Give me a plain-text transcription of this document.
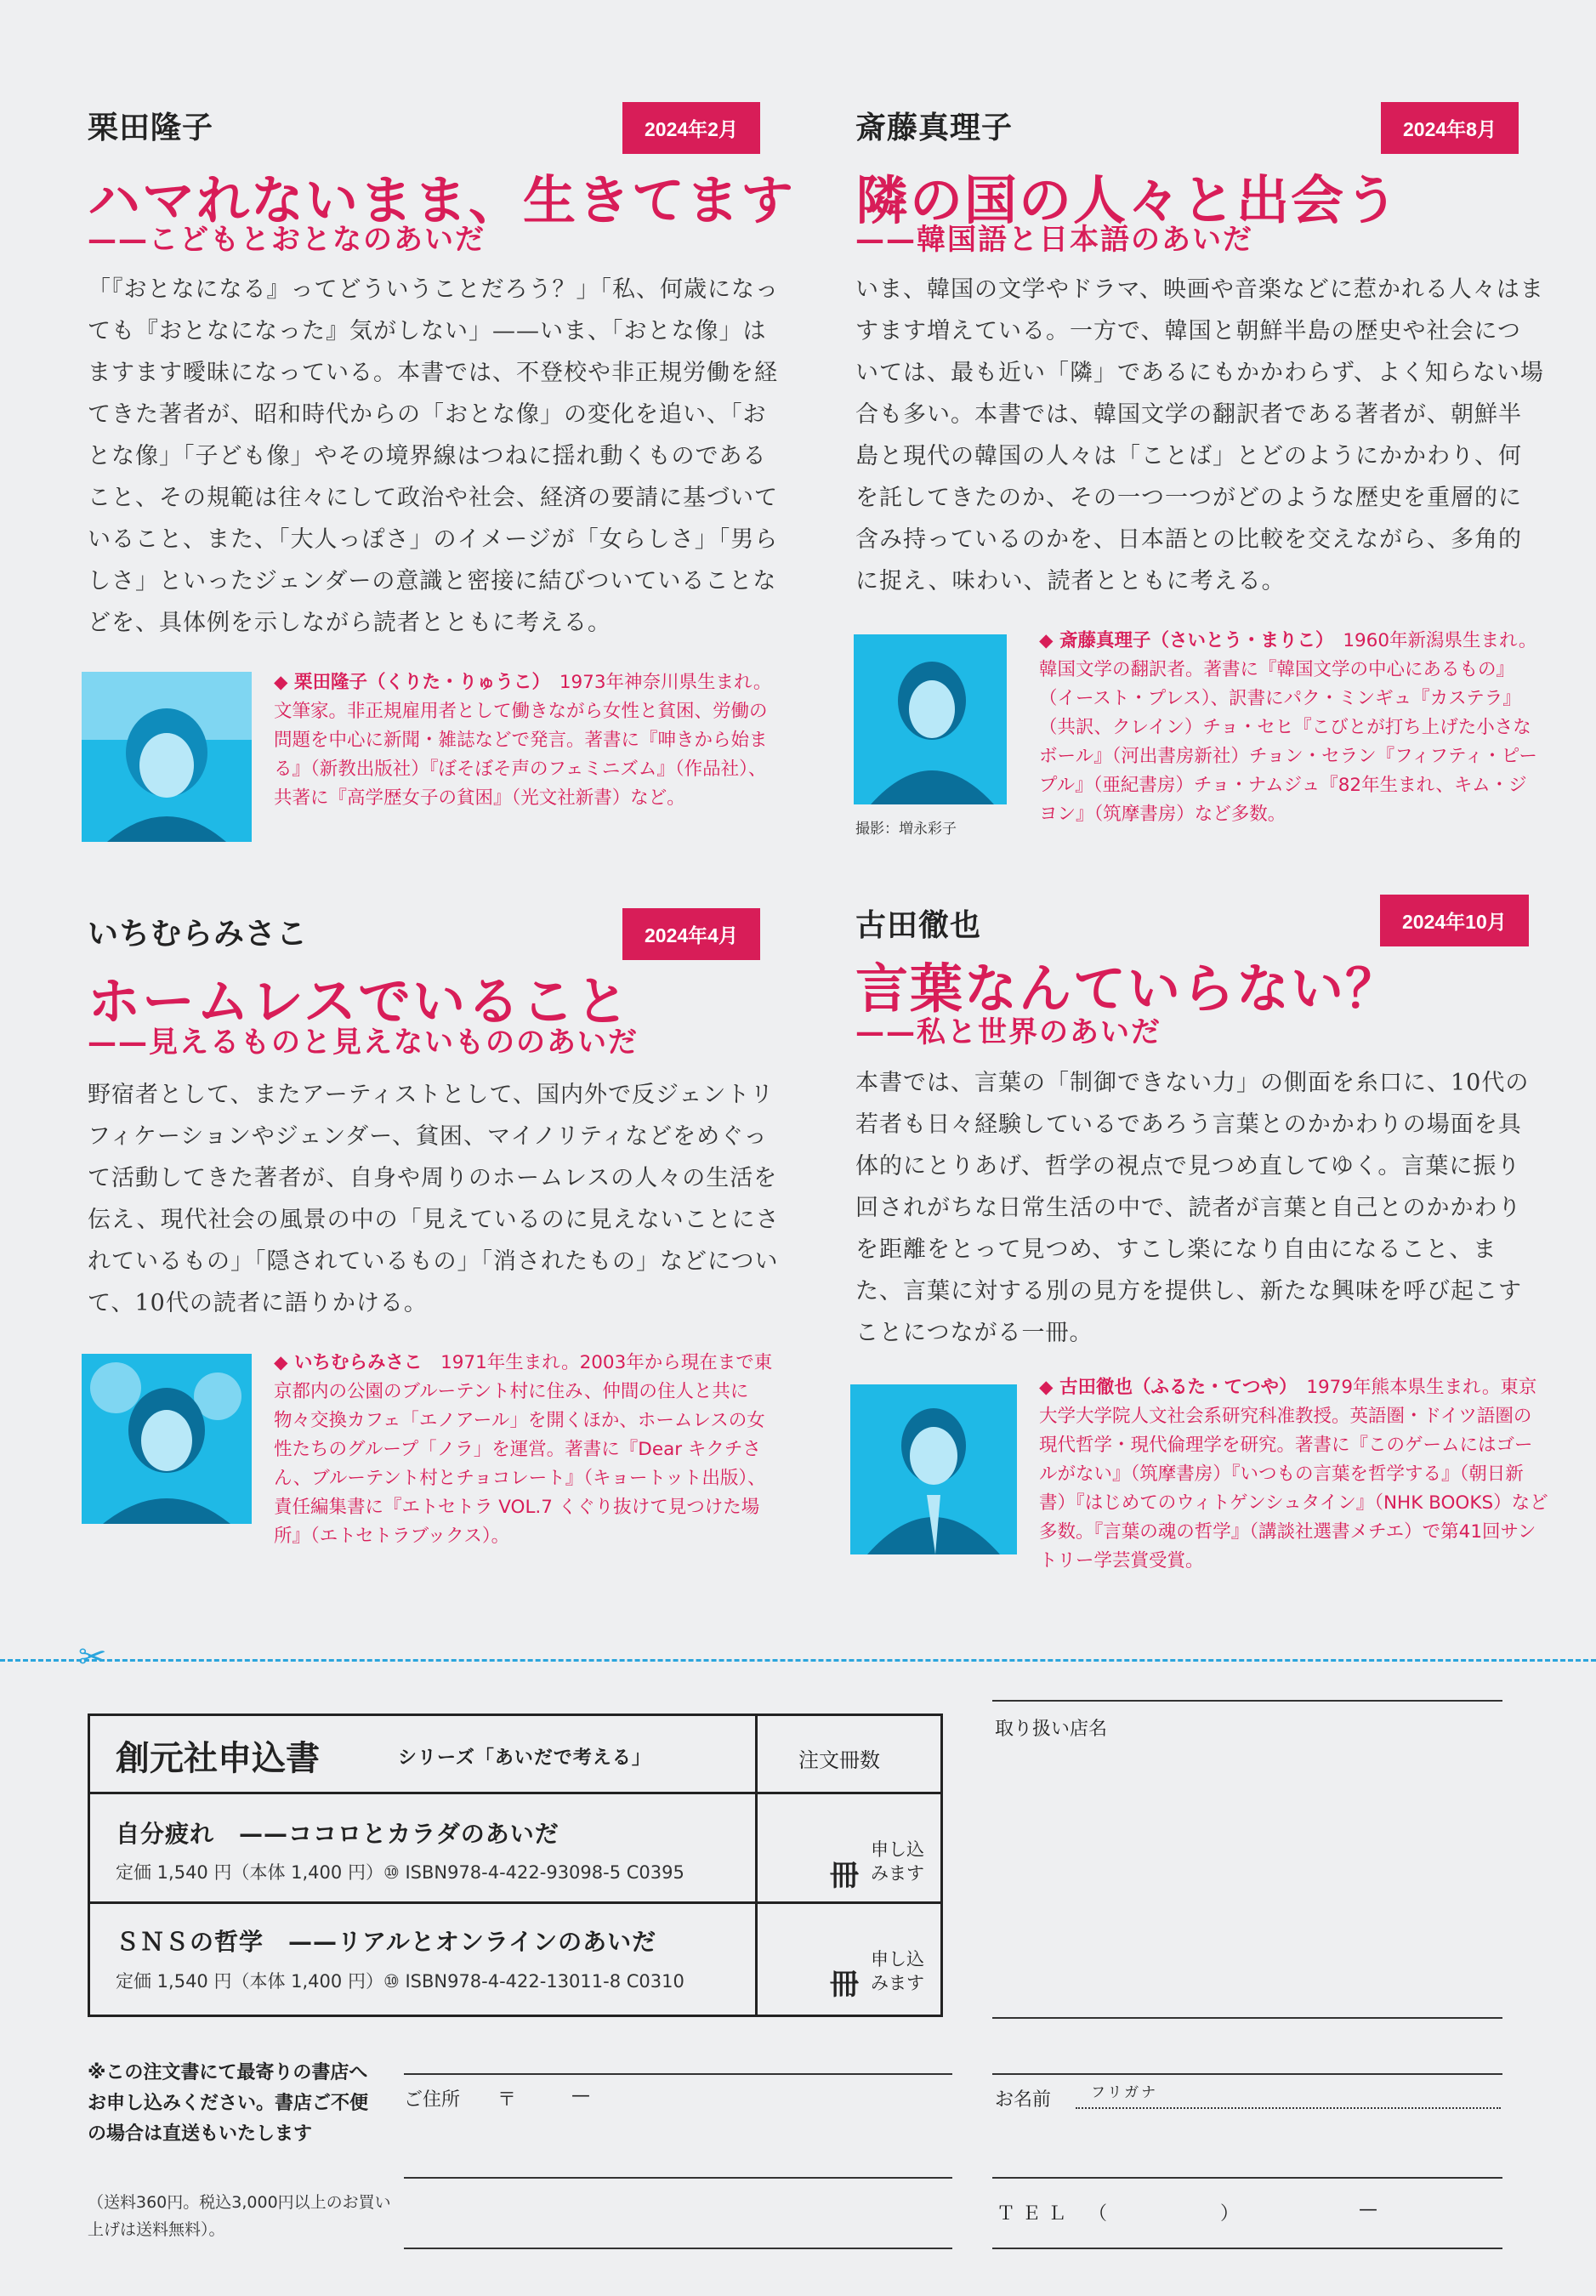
栗田隆子	2024年2月
ハマれないまま、生きてます
——こどもとおとなのあいだ
「『おとなになる』ってどういうことだろう？」「私、何歳になっても『おとなになった』気がしない」——いま、「おとな像」はますます曖昧になっている。本書では、不登校や非正規労働を経てきた著者が、昭和時代からの「おとな像」の変化を追い、「おとな像」「子ども像」やその境界線はつねに揺れ動くものであること、その規範は往々にして政治や社会、経済の要請に基づいていること、また、「大人っぽさ」のイメージが「女らしさ」「男らしさ」といったジェンダーの意識と密接に結びついていることなどを、具体例を示しながら読者とともに考える。
◆ 栗田隆子（くりた・りゅうこ）　 1973年神奈川県生まれ。文筆家。非正規雇用者として働きながら女性と貧困、労働の問題を中心に新聞・雑誌などで発言。著書に『呻きから始まる』（新教出版社）『ぼそぼそ声のフェミニズム』（作品社）、共著に『高学歴女子の貧困』（光文社新書）など。
斎藤真理子	2024年8月
隣の国の人々と出会う
——韓国語と日本語のあいだ
いま、韓国の文学やドラマ、映画や音楽などに惹かれる人々はますます増えている。一方で、韓国と朝鮮半島の歴史や社会については、最も近い「隣」であるにもかかわらず、よく知らない場合も多い。本書では、韓国文学の翻訳者である著者が、朝鮮半島と現代の韓国の人々は「ことば」とどのようにかかわり、何を託してきたのか、その一つ一つがどのような歴史を重層的に含み持っているのかを、日本語との比較を交えながら、多角的に捉え、味わい、読者とともに考える。
撮影：増永彩子
◆ 斎藤真理子（さいとう・まりこ）　 1960年新潟県生まれ。韓国文学の翻訳者。著書に『韓国文学の中心にあるもの』（イースト・プレス）、訳書にパク・ミンギュ『カステラ』（共訳、クレイン）チョ・セヒ『こびとが打ち上げた小さなボール』（河出書房新社）チョン・セラン『フィフティ・ピープル』（亜紀書房）チョ・ナムジュ『82年生まれ、キム・ジヨン』（筑摩書房）など多数。
いちむらみさこ	2024年4月
ホームレスでいること
——見えるものと見えないもののあいだ
野宿者として、またアーティストとして、国内外で反ジェントリフィケーションやジェンダー、貧困、マイノリティなどをめぐって活動してきた著者が、自身や周りのホームレスの人々の生活を伝え、現代社会の風景の中の「見えているのに見えないことにされているもの」「隠されているもの」「消されたもの」などについて、10代の読者に語りかける。
◆ いちむらみさこ　 1971年生まれ。2003年から現在まで東京都内の公園のブルーテント村に住み、仲間の住人と共に物々交換カフェ「エノアール」を開くほか、ホームレスの女性たちのグループ「ノラ」を運営。著書に『Dear キクチさん、ブルーテント村とチョコレート』（キョートット出版）、責任編集書に『エトセトラ VOL.7 くぐり抜けて見つけた場所』（エトセトラブックス）。
古田徹也	2024年10月
言葉なんていらない？
——私と世界のあいだ
本書では、言葉の「制御できない力」の側面を糸口に、10代の若者も日々経験しているであろう言葉とのかかわりの場面を具体的にとりあげ、哲学の視点で見つめ直してゆく。言葉に振り回されがちな日常生活の中で、読者が言葉と自己とのかかわりを距離をとって見つめ、すこし楽になり自由になること、また、言葉に対する別の見方を提供し、新たな興味を呼び起こすことにつながる一冊。
◆ 古田徹也（ふるた・てつや）　 1979年熊本県生まれ。東京大学大学院人文社会系研究科准教授。英語圏・ドイツ語圏の現代哲学・現代倫理学を研究。著書に『このゲームにはゴールがない』（筑摩書房）『いつもの言葉を哲学する』（朝日新書）『はじめてのウィトゲンシュタイン』（NHK BOOKS）など多数。『言葉の魂の哲学』（講談社選書メチエ）で第41回サントリー学芸賞受賞。
✂
創元社申込書	シリーズ「あいだで考える」	注文冊数
自分疲れ　 ——ココロとカラダのあいだ
定価 1,540 円（本体 1,400 円）⑩ ISBN978-4-422-93098-5 C0395	冊
申し込みます
ＳＮＳの哲学　 ——リアルとオンラインのあいだ
定価 1,540 円（本体 1,400 円）⑩ ISBN978-4-422-13011-8 C0310	冊
申し込みます
取り扱い店名
※この注文書にて最寄りの書店へお申し込みください。書店ご不便の場合は直送もいたします
（送料360円。税込3,000円以上のお買い上げは送料無料）。
ご住所 〒	—	お名前	フリガナ
ＴＥＬ （	）	—
